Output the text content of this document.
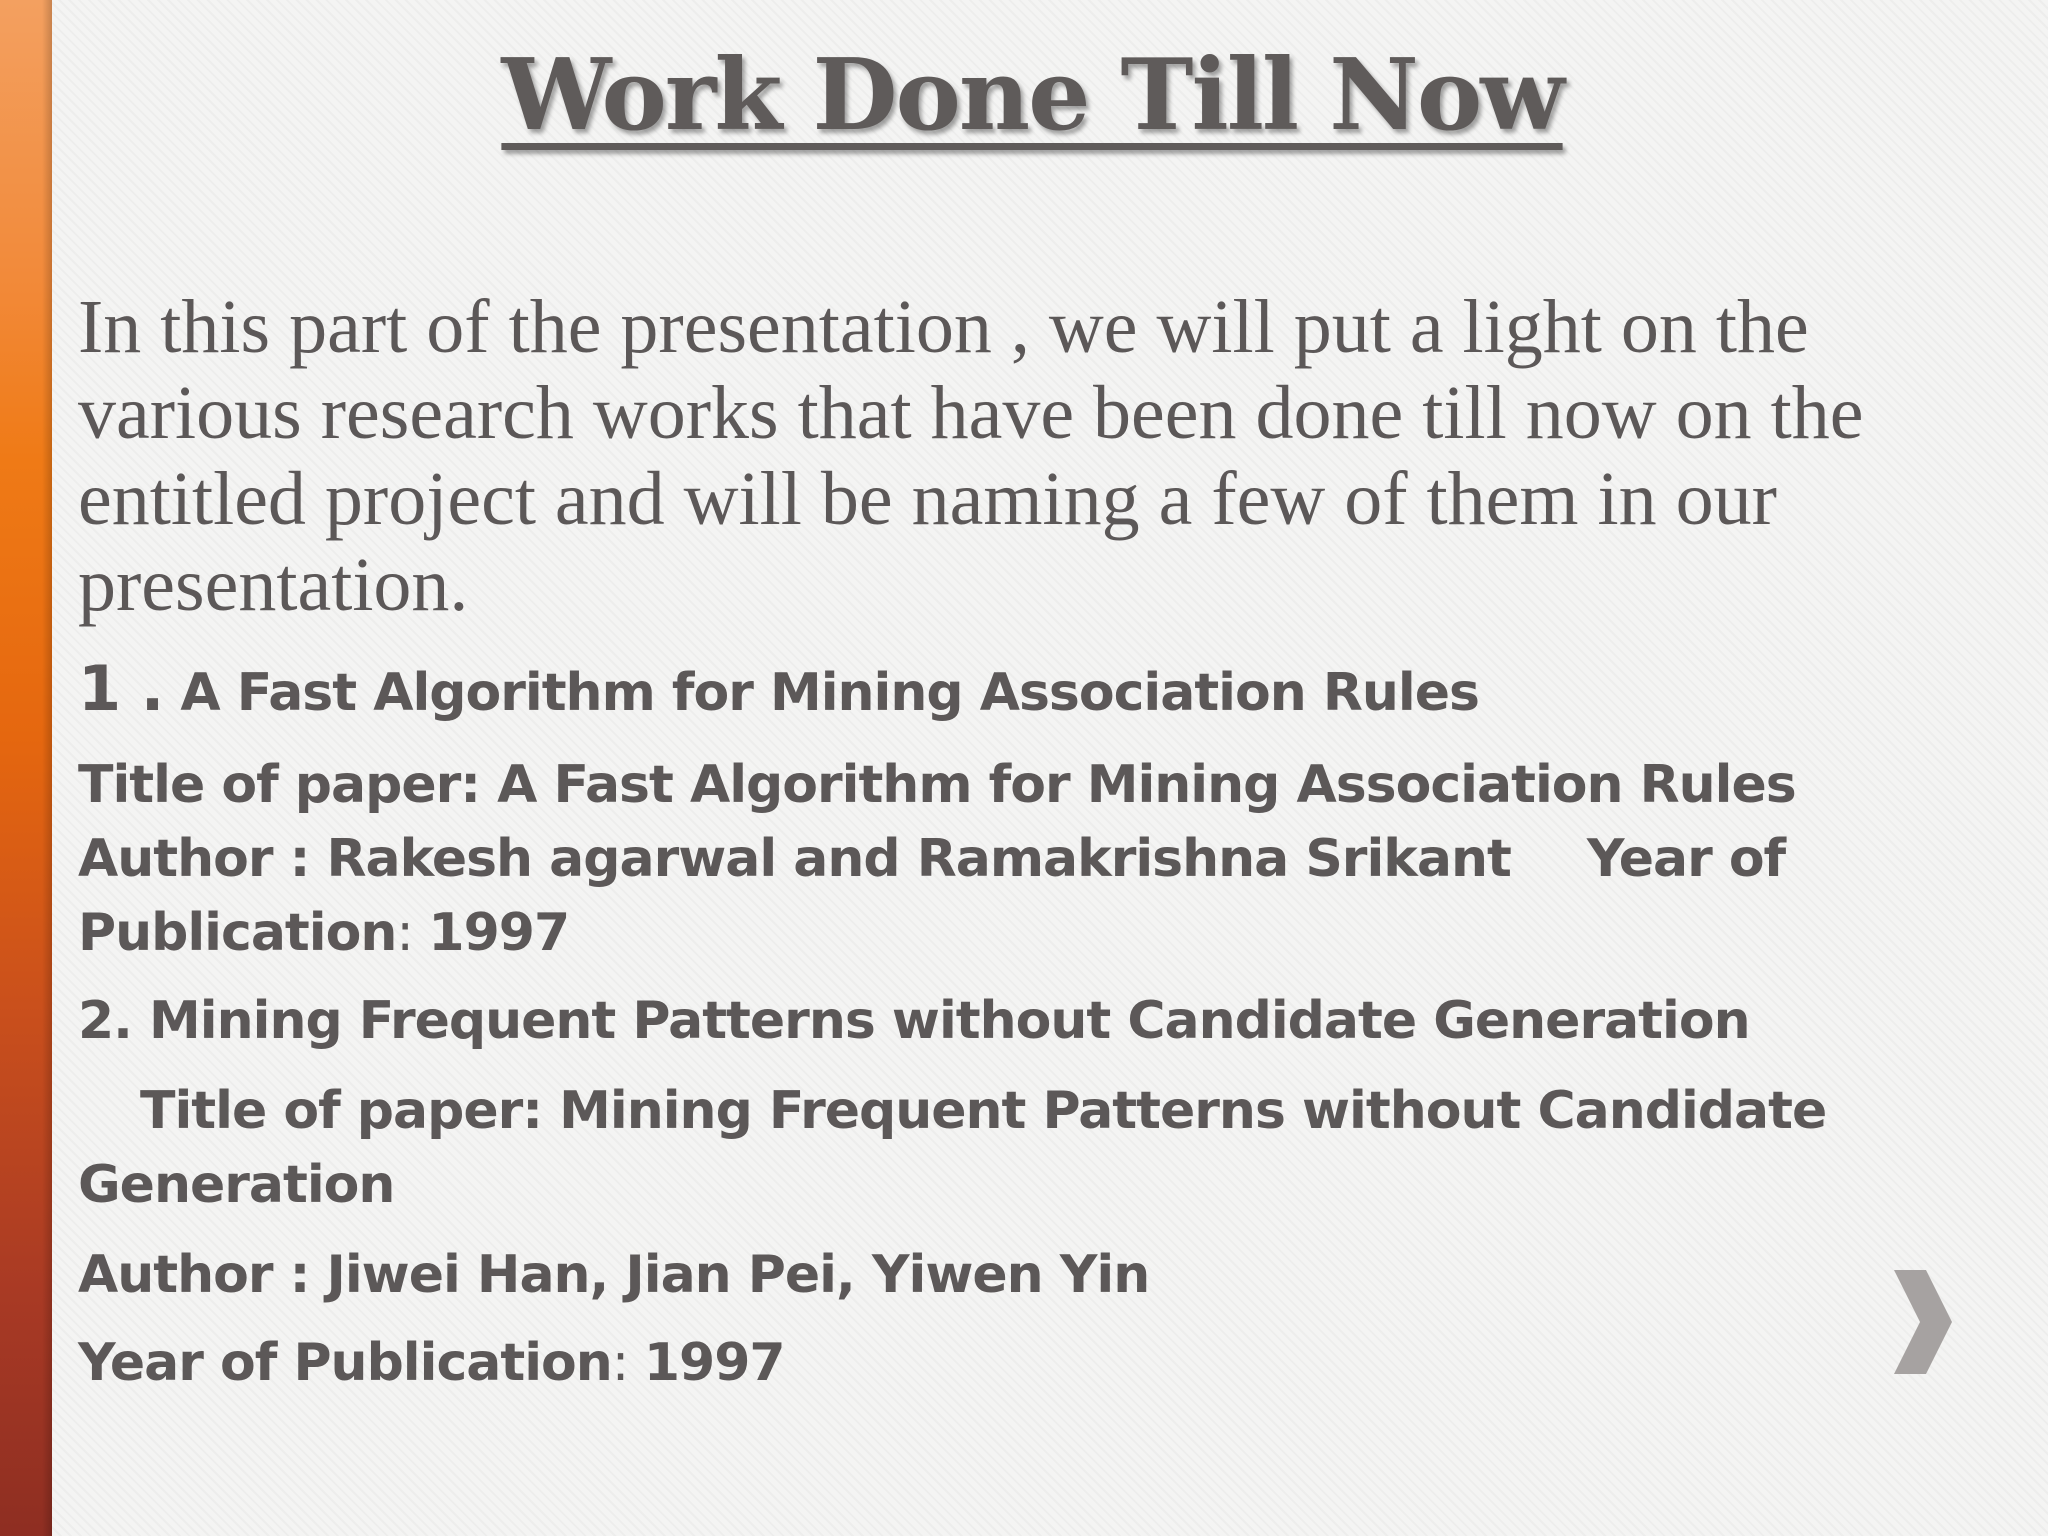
Work Done Till Now

In this part of the presentation , we will put a light on the various research works that have been done till now on the entitled project and will be naming a few of them in our presentation.

1 . A Fast Algorithm for Mining Association Rules

Title of paper: A Fast Algorithm for Mining Association Rules
Author : Rakesh agarwal and Ramakrishna Srikant Year of Publication: 1997

2. Mining Frequent Patterns without Candidate Generation

Title of paper: Mining Frequent Patterns without Candidate Generation

Author : Jiwei Han, Jian Pei, Yiwen Yin

Year of Publication: 1997
